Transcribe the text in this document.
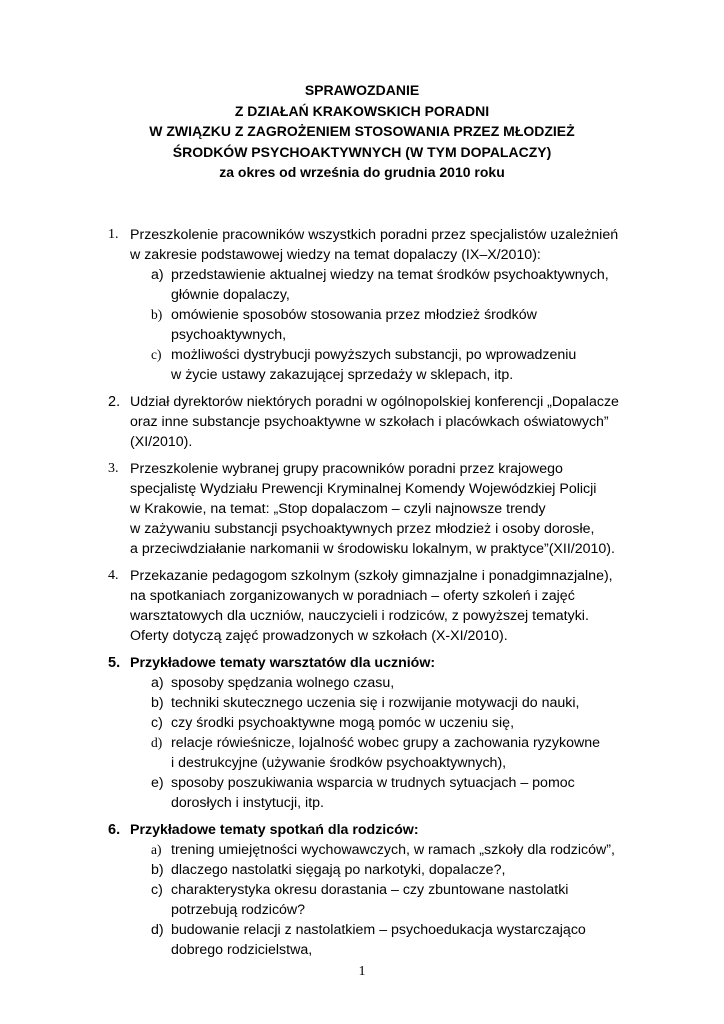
SPRAWOZDANIE
Z DZIAŁAŃ KRAKOWSKICH PORADNI
W ZWIĄZKU Z ZAGROŻENIEM STOSOWANIA PRZEZ MŁODZIEŻ
ŚRODKÓW PSYCHOAKTYWNYCH (W TYM DOPALACZY)
za okres od września do grudnia 2010 roku
1. Przeszkolenie pracowników wszystkich poradni przez specjalistów uzależnień
w zakresie podstawowej wiedzy na temat dopalaczy (IX–X/2010):
a) przedstawienie aktualnej wiedzy na temat środków psychoaktywnych,
głównie dopalaczy,
b) omówienie sposobów stosowania przez młodzież środków
psychoaktywnych,
c) możliwości dystrybucji powyższych substancji, po wprowadzeniu
w życie ustawy zakazującej sprzedaży w sklepach, itp.
2. Udział dyrektorów niektórych poradni w ogólnopolskiej konferencji „Dopalacze
oraz inne substancje psychoaktywne w szkołach i placówkach oświatowych”
(XI/2010).
3. Przeszkolenie wybranej grupy pracowników poradni przez krajowego
specjalistę Wydziału Prewencji Kryminalnej Komendy Wojewódzkiej Policji
w Krakowie, na temat: „Stop dopalaczom – czyli najnowsze trendy
w zażywaniu substancji psychoaktywnych przez młodzież i osoby dorosłe,
a przeciwdziałanie narkomanii w środowisku lokalnym, w praktyce”(XII/2010).
4. Przekazanie pedagogom szkolnym (szkoły gimnazjalne i ponadgimnazjalne),
na spotkaniach zorganizowanych w poradniach – oferty szkoleń i zajęć
warsztatowych dla uczniów, nauczycieli i rodziców, z powyższej tematyki.
Oferty dotyczą zajęć prowadzonych w szkołach (X-XI/2010).
5. Przykładowe tematy warsztatów dla uczniów:
a) sposoby spędzania wolnego czasu,
b) techniki skutecznego uczenia się i rozwijanie motywacji do nauki,
c) czy środki psychoaktywne mogą pomóc w uczeniu się,
d) relacje rówieśnicze, lojalność wobec grupy a zachowania ryzykowne
i destrukcyjne (używanie środków psychoaktywnych),
e) sposoby poszukiwania wsparcia w trudnych sytuacjach – pomoc
dorosłych i instytucji, itp.
6. Przykładowe tematy spotkań dla rodziców:
a) trening umiejętności wychowawczych, w ramach „szkoły dla rodziców”,
b) dlaczego nastolatki sięgają po narkotyki, dopalacze?,
c) charakterystyka okresu dorastania – czy zbuntowane nastolatki
potrzebują rodziców?
d) budowanie relacji z nastolatkiem – psychoedukacja wystarczająco
dobrego rodzicielstwa,
1
